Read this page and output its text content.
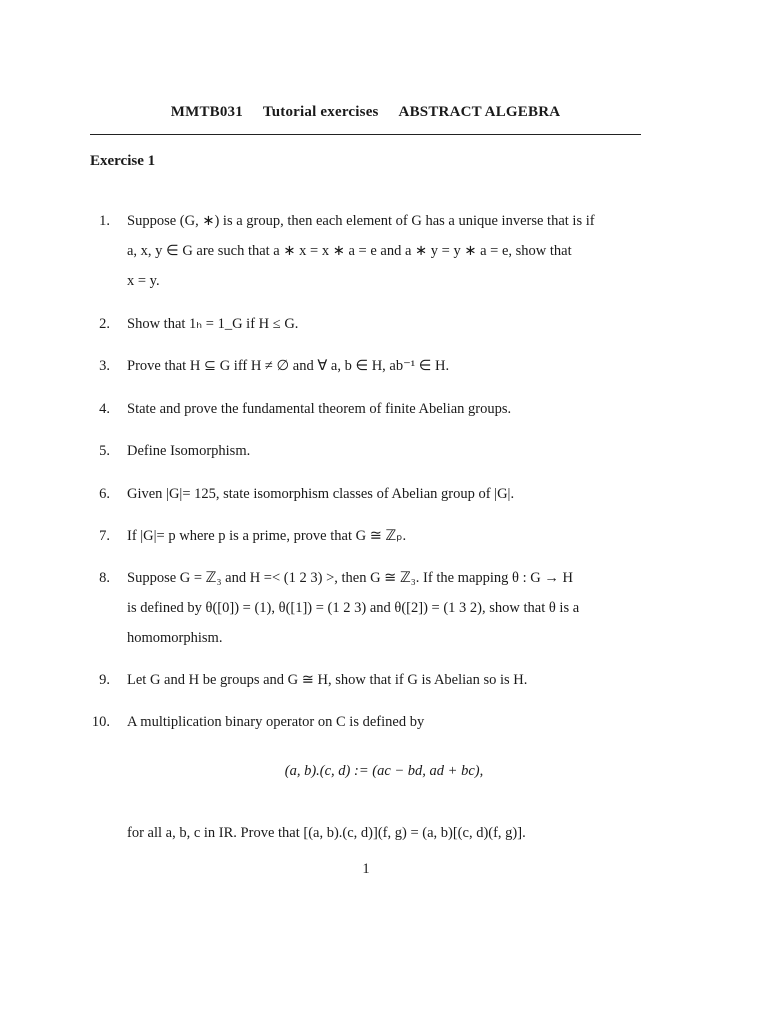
MMTB031 Tutorial exercises ABSTRACT ALGEBRA
Exercise 1
1. Suppose (G, ∗) is a group, then each element of G has a unique inverse that is if
a, x, y ∈ G are such that a ∗ x = x ∗ a = e and a ∗ y = y ∗ a = e, show that
x = y.
2. Show that 1ₕ = 1_G if H ≤ G.
3. Prove that H ⊆ G iff H ≠ ∅ and ∀ a, b ∈ H, ab⁻¹ ∈ H.
4. State and prove the fundamental theorem of finite Abelian groups.
5. Define Isomorphism.
6. Given |G|= 125, state isomorphism classes of Abelian group of |G|.
7. If |G|= p where p is a prime, prove that G ≅ ℤₚ.
8. Suppose G = ℤ₃ and H =< (1 2 3) >, then G ≅ ℤ₃. If the mapping θ : G → H
is defined by θ([0]) = (1), θ([1]) = (1 2 3) and θ([2]) = (1 3 2), show that θ is a
homomorphism.
9. Let G and H be groups and G ≅ H, show that if G is Abelian so is H.
10. A multiplication binary operator on C is defined by
(a, b).(c, d) := (ac − bd, ad + bc),
for all a, b, c in IR. Prove that [(a, b).(c, d)](f, g) = (a, b)[(c, d)(f, g)].
1
